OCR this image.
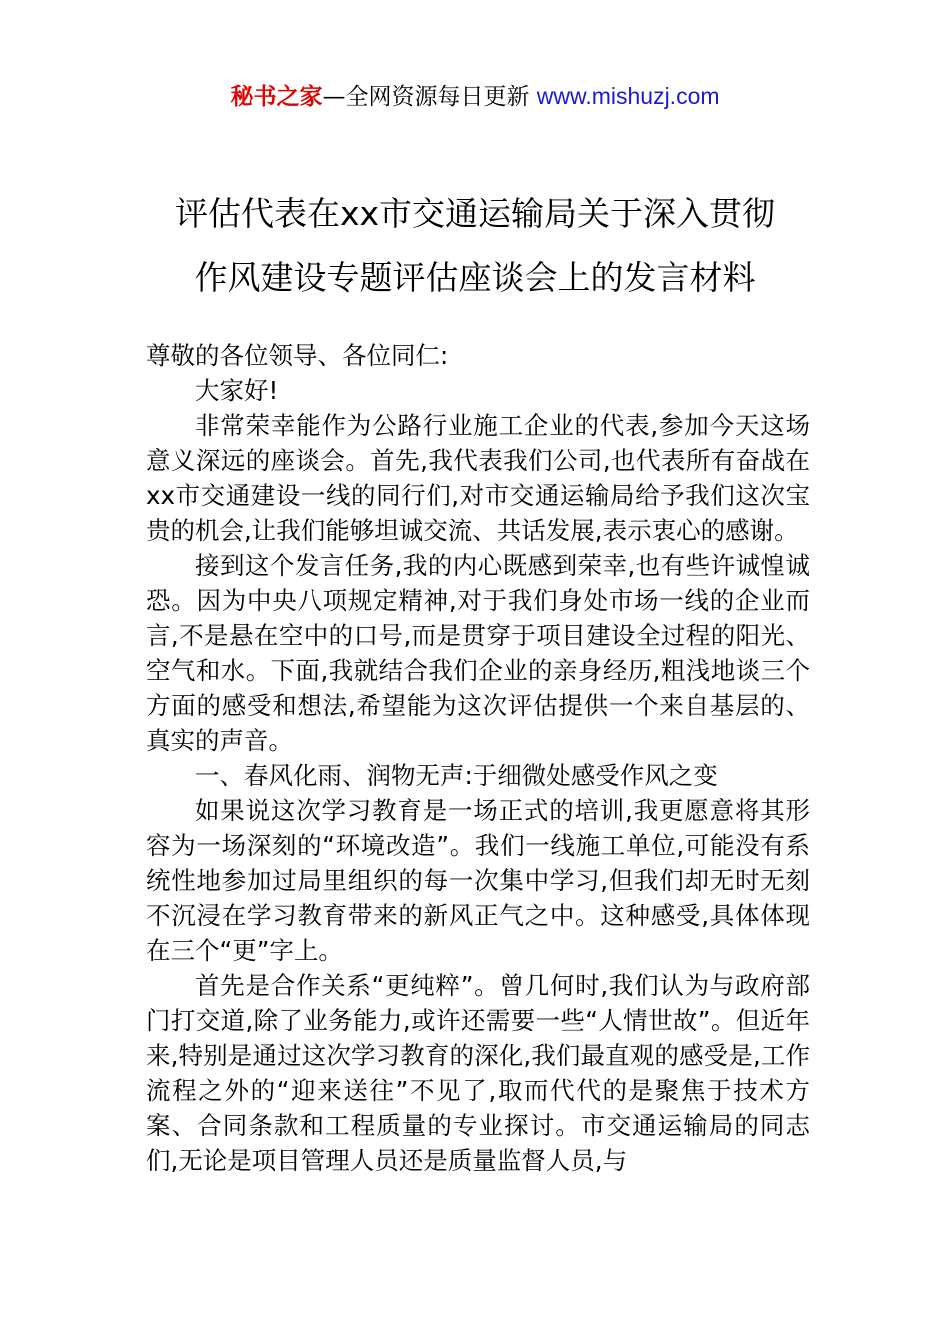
秘书之家—全网资源每日更新 www.mishuzj.com
评估代表在xx市交通运输局关于深入贯彻
作风建设专题评估座谈会上的发言材料

尊敬的各位领导、各位同仁:

大家好!

非常荣幸能作为公路行业施工企业的代表,参加今天这场意义深远的座谈会。首先,我代表我们公司,也代表所有奋战在xx市交通建设一线的同行们,对市交通运输局给予我们这次宝贵的机会,让我们能够坦诚交流、共话发展,表示衷心的感谢。

接到这个发言任务,我的内心既感到荣幸,也有些许诚惶诚恐。因为中央八项规定精神,对于我们身处市场一线的企业而言,不是悬在空中的口号,而是贯穿于项目建设全过程的阳光、空气和水。下面,我就结合我们企业的亲身经历,粗浅地谈三个方面的感受和想法,希望能为这次评估提供一个来自基层的、真实的声音。

一、春风化雨、润物无声:于细微处感受作风之变

如果说这次学习教育是一场正式的培训,我更愿意将其形容为一场深刻的“环境改造”。我们一线施工单位,可能没有系统性地参加过局里组织的每一次集中学习,但我们却无时无刻不沉浸在学习教育带来的新风正气之中。这种感受,具体体现在三个“更”字上。

首先是合作关系“更纯粹”。曾几何时,我们认为与政府部门打交道,除了业务能力,或许还需要一些“人情世故”。但近年来,特别是通过这次学习教育的深化,我们最直观的感受是,工作流程之外的“迎来送往”不见了,取而代代的是聚焦于技术方案、合同条款和工程质量的专业探讨。市交通运输局的同志们,无论是项目管理人员还是质量监督人员,与
